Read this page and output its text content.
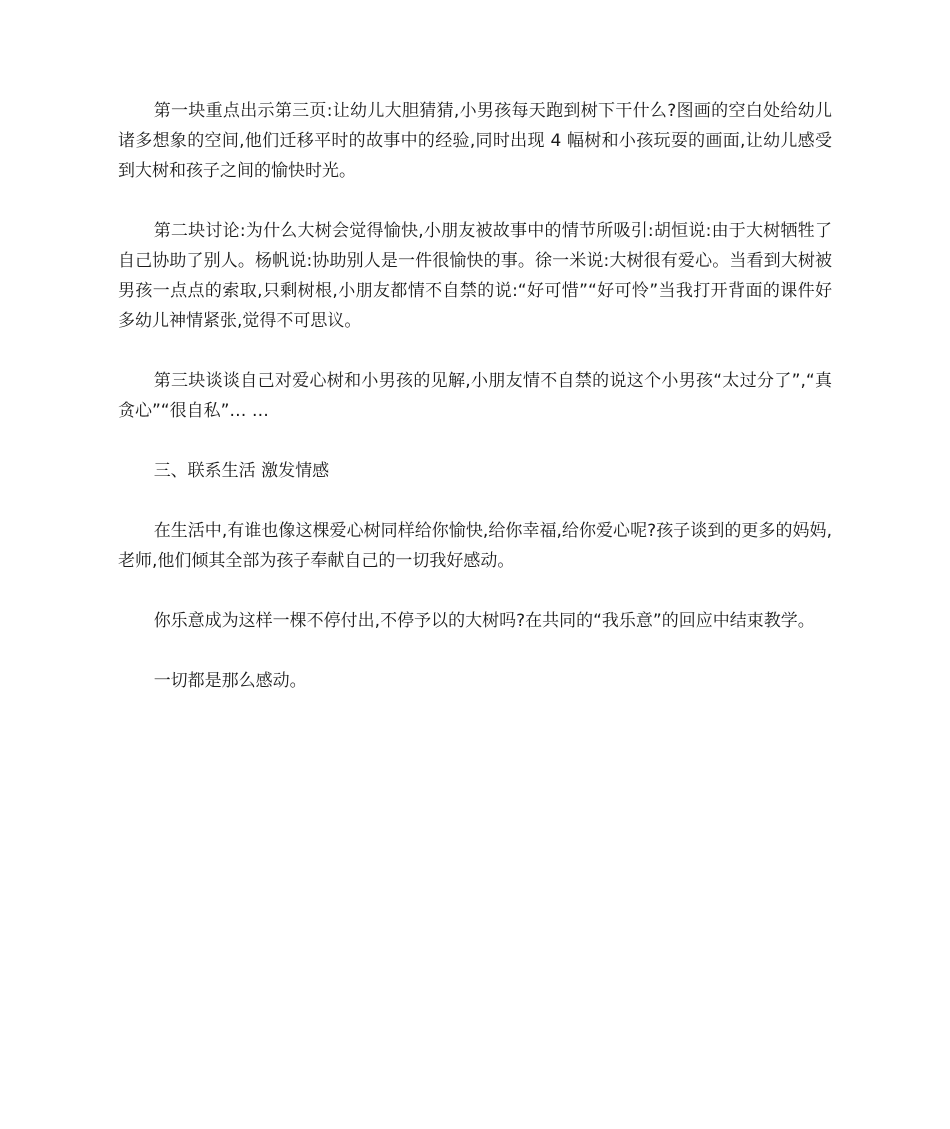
第一块重点出示第三页:让幼儿大胆猜猜,小男孩每天跑到树下干什么?图画的空白处给幼儿诸多想象的空间,他们迁移平时的故事中的经验,同时出现 4 幅树和小孩玩耍的画面,让幼儿感受到大树和孩子之间的愉快时光。

第二块讨论:为什么大树会觉得愉快,小朋友被故事中的情节所吸引:胡恒说:由于大树牺牲了自己协助了别人。杨帆说:协助别人是一件很愉快的事。徐一米说:大树很有爱心。当看到大树被男孩一点点的索取,只剩树根,小朋友都情不自禁的说:“好可惜”“好可怜”当我打开背面的课件好多幼儿神情紧张,觉得不可思议。

第三块谈谈自己对爱心树和小男孩的见解,小朋友情不自禁的说这个小男孩“太过分了”,“真贪心”“很自私”… …

三、联系生活 激发情感

在生活中,有谁也像这棵爱心树同样给你愉快,给你幸福,给你爱心呢?孩子谈到的更多的妈妈,老师,他们倾其全部为孩子奉献自己的一切我好感动。

你乐意成为这样一棵不停付出,不停予以的大树吗?在共同的“我乐意”的回应中结束教学。

一切都是那么感动。
